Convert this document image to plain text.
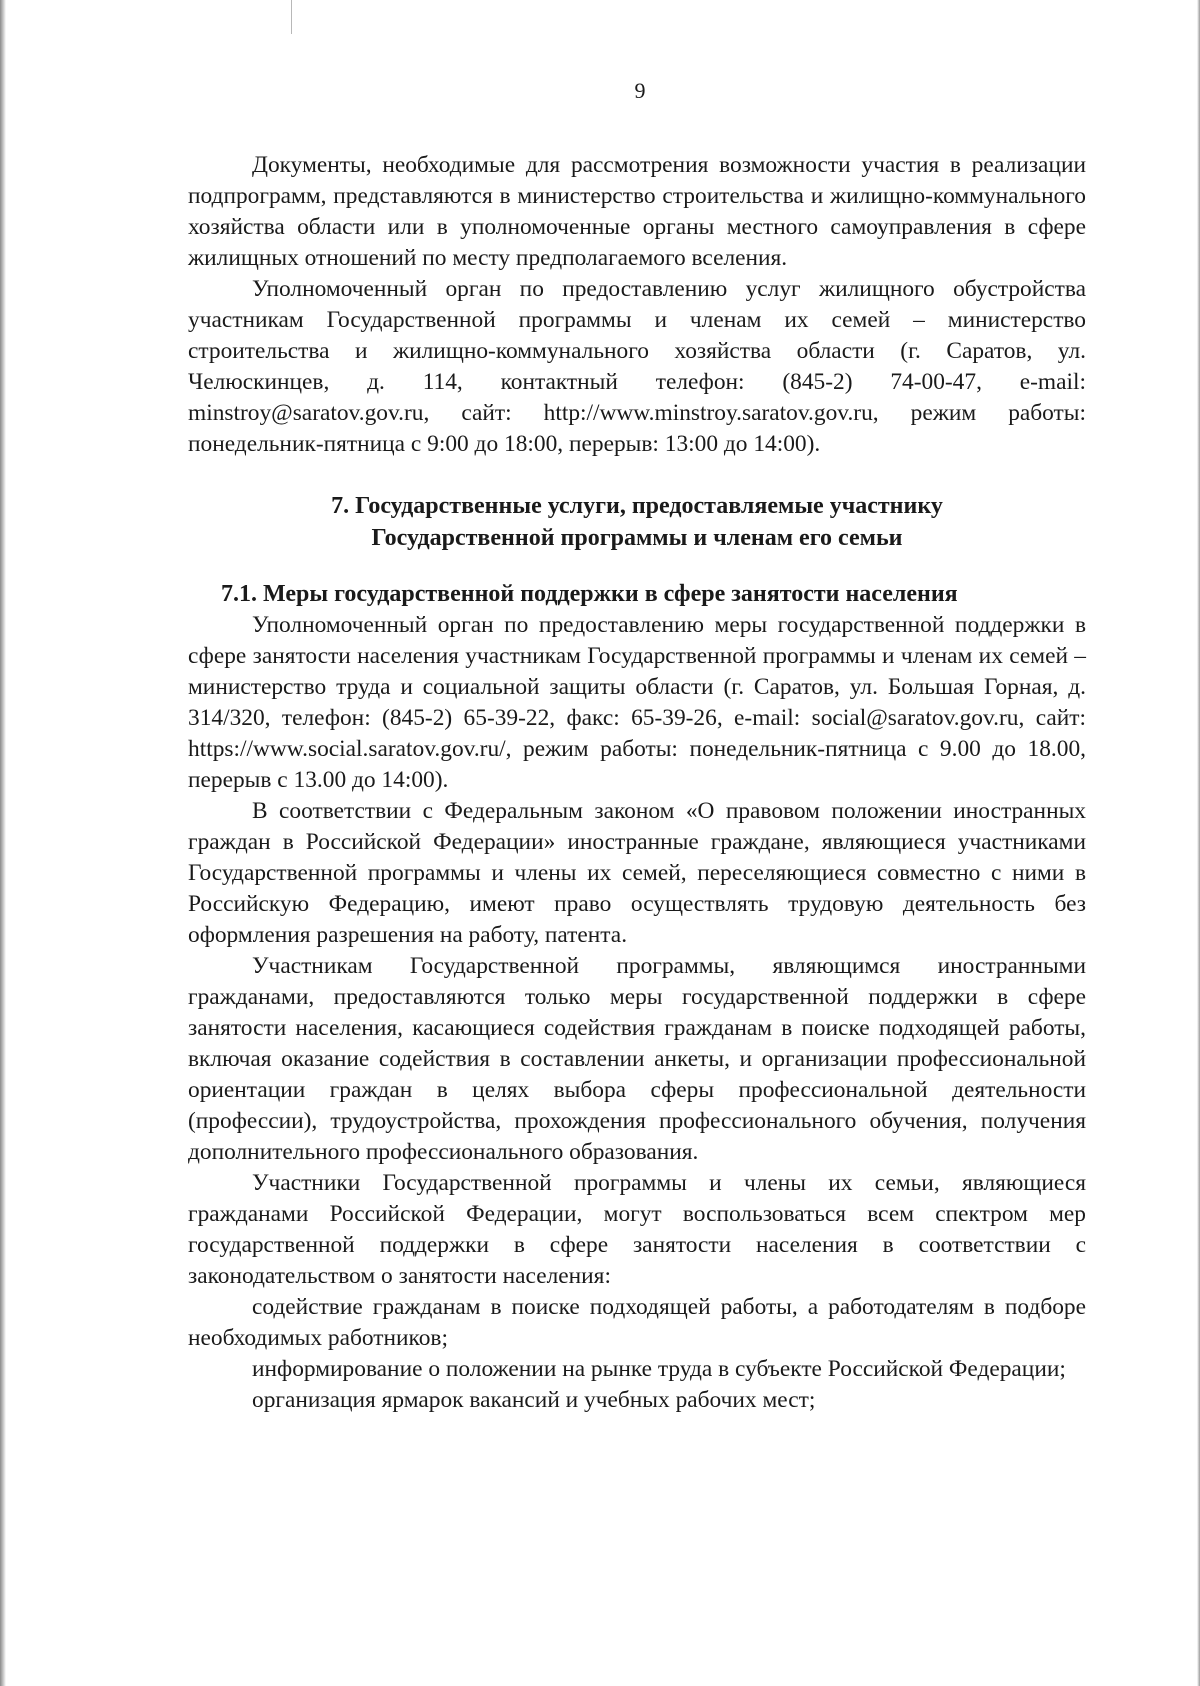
9

Документы, необходимые для рассмотрения возможности участия в реализации подпрограмм, представляются в министерство строительства и жилищно-коммунального хозяйства области или в уполномоченные органы местного самоуправления в сфере жилищных отношений по месту предполагаемого вселения.

Уполномоченный орган по предоставлению услуг жилищного обустройства участникам Государственной программы и членам их семей – министерство строительства и жилищно-коммунального хозяйства области (г. Саратов, ул. Челюскинцев, д. 114, контактный телефон: (845-2) 74-00-47, e-mail: minstroy@saratov.gov.ru, сайт: http://www.minstroy.saratov.gov.ru, режим работы: понедельник-пятница с 9:00 до 18:00, перерыв: 13:00 до 14:00).

7. Государственные услуги, предоставляемые участнику
Государственной программы и членам его семьи
7.1. Меры государственной поддержки в сфере занятости населения

Уполномоченный орган по предоставлению меры государственной поддержки в сфере занятости населения участникам Государственной программы и членам их семей – министерство труда и социальной защиты области (г. Саратов, ул. Большая Горная, д. 314/320, телефон: (845-2) 65-39-22, факс: 65-39-26, e-mail: social@saratov.gov.ru, сайт: https://www.social.saratov.gov.ru/, режим работы: понедельник-пятница с 9.00 до 18.00, перерыв с 13.00 до 14:00).

В соответствии с Федеральным законом «О правовом положении иностранных граждан в Российской Федерации» иностранные граждане, являющиеся участниками Государственной программы и члены их семей, переселяющиеся совместно с ними в Российскую Федерацию, имеют право осуществлять трудовую деятельность без оформления разрешения на работу, патента.

Участникам Государственной программы, являющимся иностранными гражданами, предоставляются только меры государственной поддержки в сфере занятости населения, касающиеся содействия гражданам в поиске подходящей работы, включая оказание содействия в составлении анкеты, и организации профессиональной ориентации граждан в целях выбора сферы профессиональной деятельности (профессии), трудоустройства, прохождения профессионального обучения, получения дополнительного профессионального образования.

Участники Государственной программы и члены их семьи, являющиеся гражданами Российской Федерации, могут воспользоваться всем спектром мер государственной поддержки в сфере занятости населения в соответствии с законодательством о занятости населения:

содействие гражданам в поиске подходящей работы, а работодателям в подборе необходимых работников;

информирование о положении на рынке труда в субъекте Российской Федерации;

организация ярмарок вакансий и учебных рабочих мест;
